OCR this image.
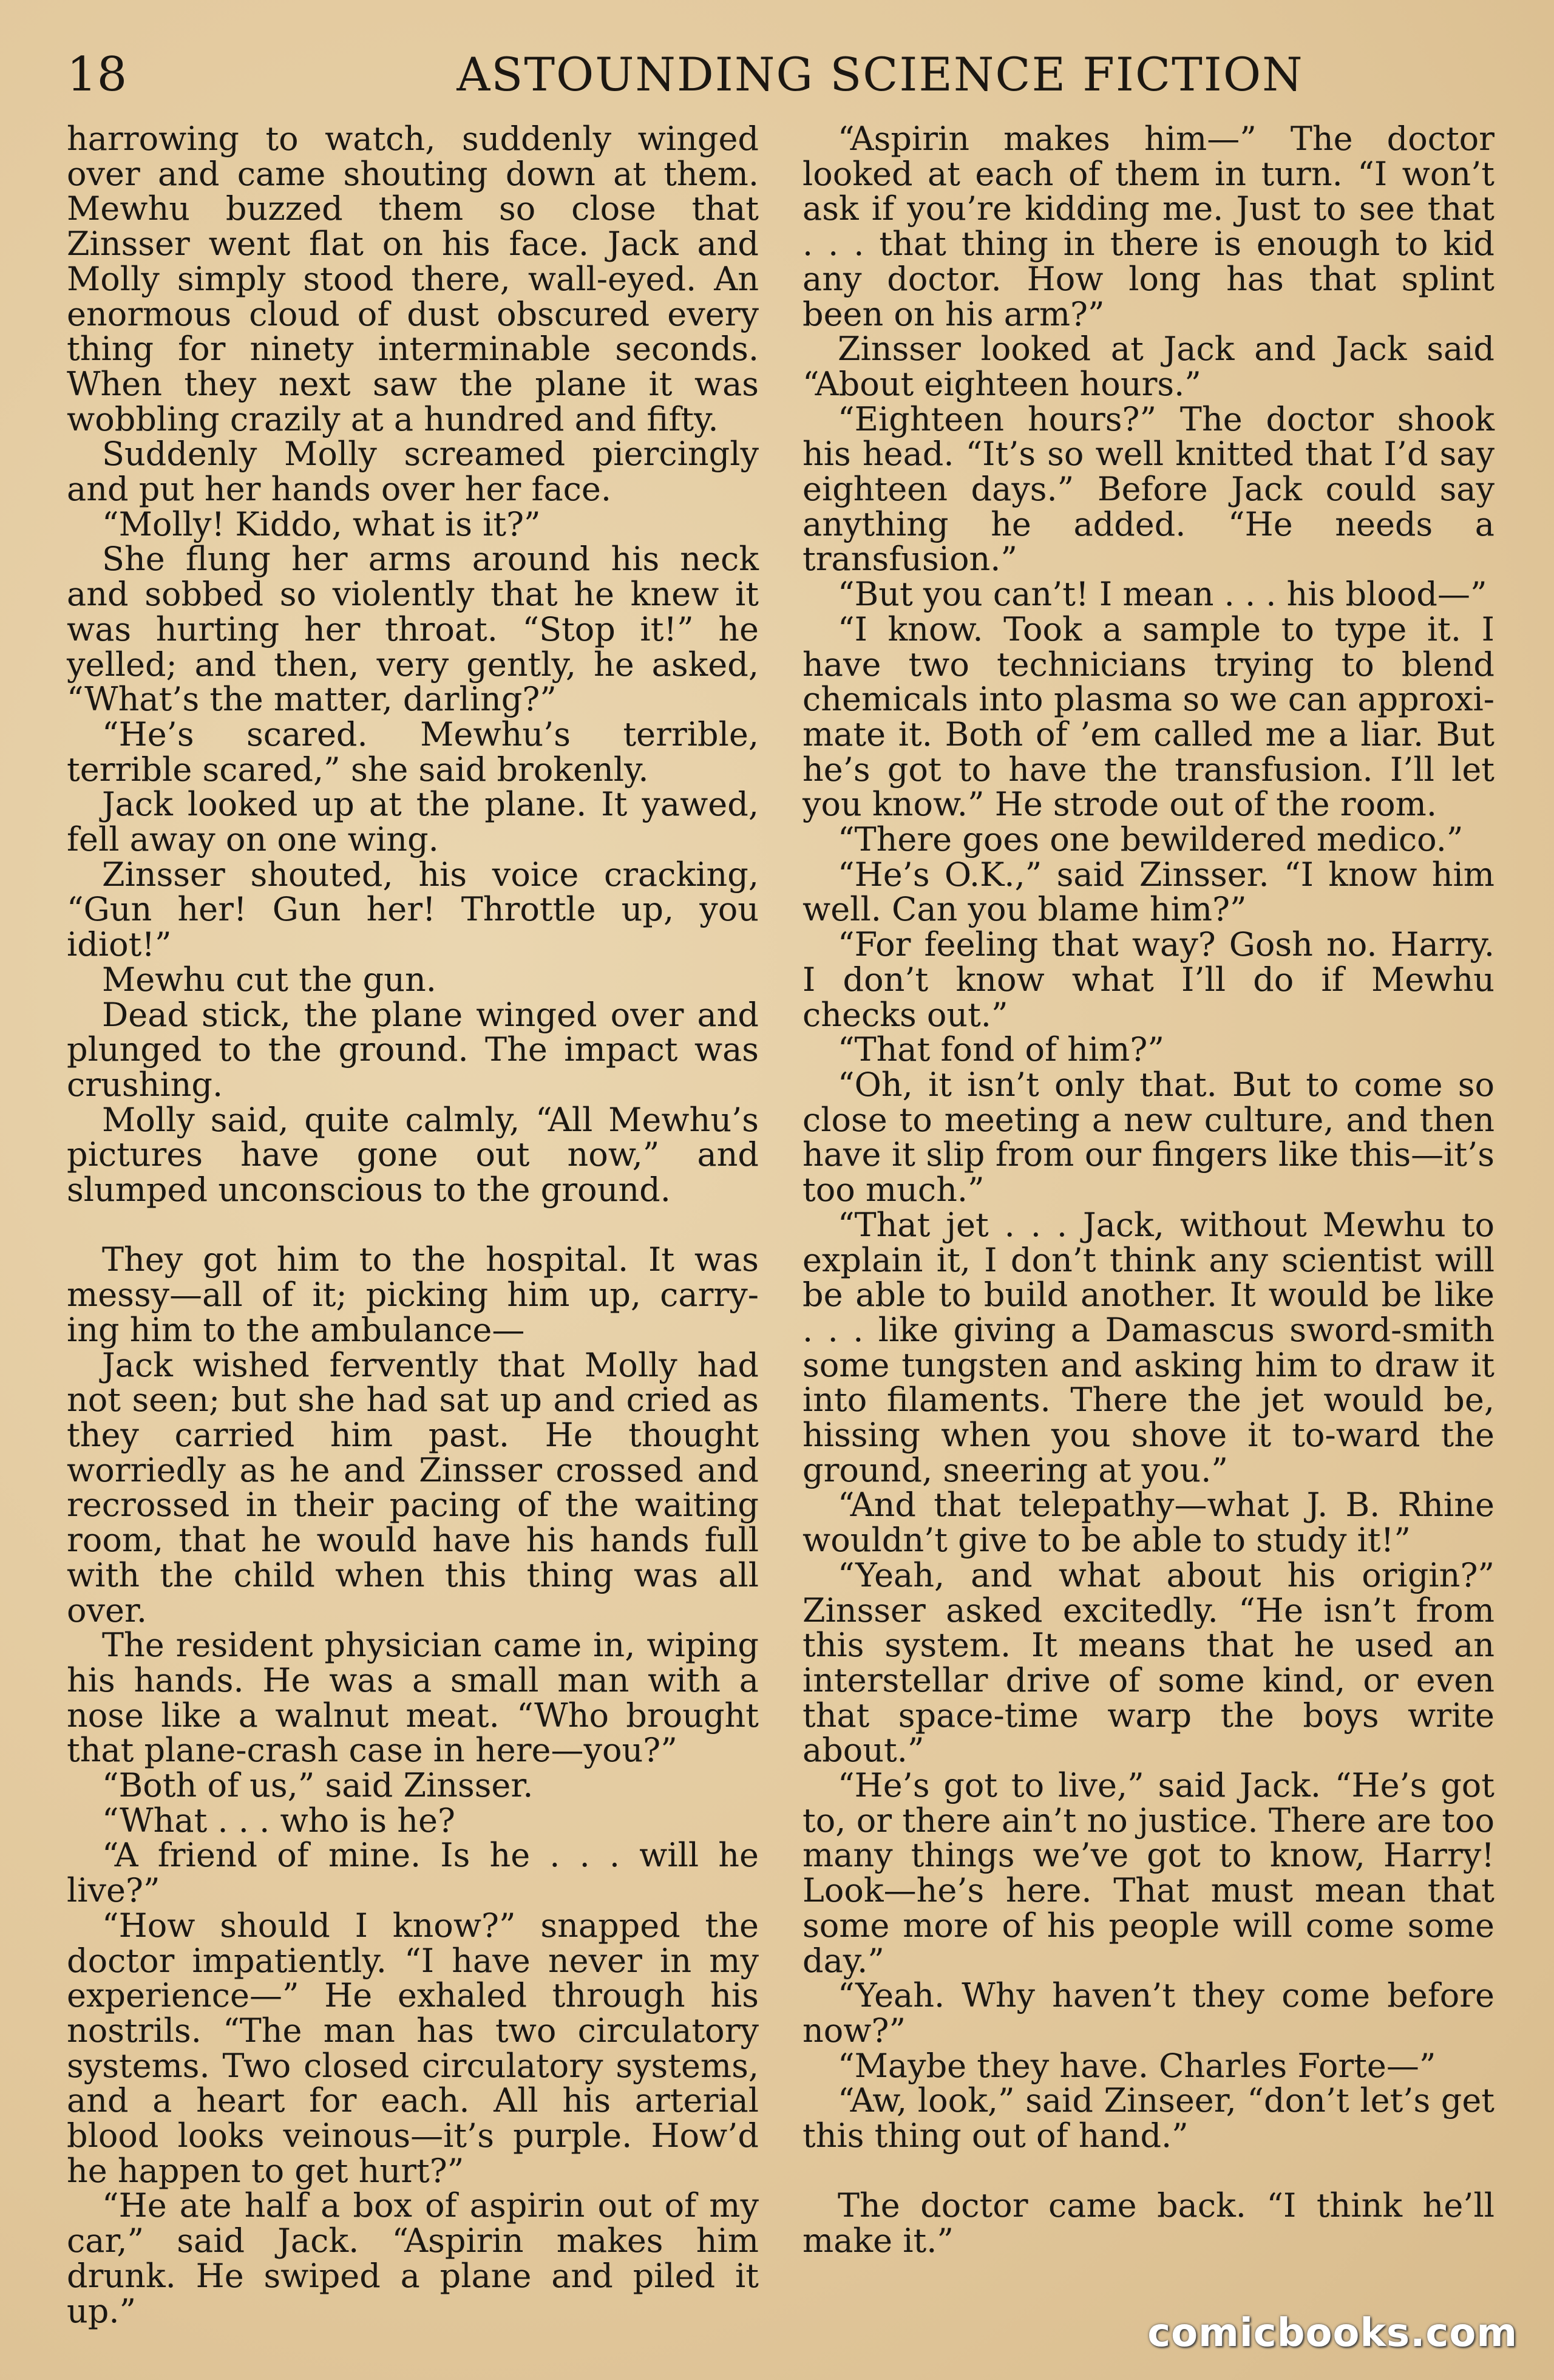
18	ASTOUNDING SCIENCE FICTION

harrowing to watch, suddenly winged over and came shouting down at them. Mewhu buzzed them so close that Zinsser went flat on his face. Jack and Molly simply stood there, wall-eyed. An enormous cloud of dust obscured every thing for ninety interminable seconds. When they next saw the plane it was wobbling crazily at a hundred and fifty.

Suddenly Molly screamed piercingly and put her hands over her face.

“Molly! Kiddo, what is it?”

She flung her arms around his neck and sobbed so violently that he knew it was hurting her throat. “Stop it!” he yelled; and then, very gently, he asked, “What’s the matter, darling?”

“He’s scared. Mewhu’s terrible, terrible scared,” she said brokenly.

Jack looked up at the plane. It yawed, fell away on one wing.

Zinsser shouted, his voice cracking, “Gun her! Gun her! Throttle up, you idiot!”

Mewhu cut the gun.

Dead stick, the plane winged over and plunged to the ground. The impact was crushing.

Molly said, quite calmly, “All Mewhu’s pictures have gone out now,” and slumped unconscious to the ground.

They got him to the hospital. It was messy—all of it; picking him up, carry-ing him to the ambulance—

Jack wished fervently that Molly had not seen; but she had sat up and cried as they carried him past. He thought worriedly as he and Zinsser crossed and recrossed in their pacing of the waiting room, that he would have his hands full with the child when this thing was all over.

The resident physician came in, wiping his hands. He was a small man with a nose like a walnut meat. “Who brought that plane-crash case in here—you?”

“Both of us,” said Zinsser.

“What . . . who is he?

“A friend of mine. Is he . . . will he live?”

“How should I know?” snapped the doctor impatiently. “I have never in my experience—” He exhaled through his nostrils. “The man has two circulatory systems. Two closed circulatory systems, and a heart for each. All his arterial blood looks veinous—it’s purple. How’d he happen to get hurt?”

“He ate half a box of aspirin out of my car,” said Jack. “Aspirin makes him drunk. He swiped a plane and piled it up.”

“Aspirin makes him—” The doctor looked at each of them in turn. “I won’t ask if you’re kidding me. Just to see that . . . that thing in there is enough to kid any doctor. How long has that splint been on his arm?”

Zinsser looked at Jack and Jack said “About eighteen hours.”

“Eighteen hours?” The doctor shook his head. “It’s so well knitted that I’d say eighteen days.” Before Jack could say anything he added. “He needs a transfusion.”

“But you can’t! I mean . . . his blood—”

“I know. Took a sample to type it. I have two technicians trying to blend chemicals into plasma so we can approxi-mate it. Both of ’em called me a liar. But he’s got to have the transfusion. I’ll let you know.” He strode out of the room.

“There goes one bewildered medico.”

“He’s O.K.,” said Zinsser. “I know him well. Can you blame him?”

“For feeling that way? Gosh no. Harry. I don’t know what I’ll do if Mewhu checks out.”

“That fond of him?”

“Oh, it isn’t only that. But to come so close to meeting a new culture, and then have it slip from our fingers like this—it’s too much.”

“That jet . . . Jack, without Mewhu to explain it, I don’t think any scientist will be able to build another. It would be like . . . like giving a Damascus sword-smith some tungsten and asking him to draw it into filaments. There the jet would be, hissing when you shove it to-ward the ground, sneering at you.”

“And that telepathy—what J. B. Rhine wouldn’t give to be able to study it!”

“Yeah, and what about his origin?” Zinsser asked excitedly. “He isn’t from this system. It means that he used an interstellar drive of some kind, or even that space-time warp the boys write about.”

“He’s got to live,” said Jack. “He’s got to, or there ain’t no justice. There are too many things we’ve got to know, Harry! Look—he’s here. That must mean that some more of his people will come some day.”

“Yeah. Why haven’t they come before now?”

“Maybe they have. Charles Forte—”

“Aw, look,” said Zinseer, “don’t let’s get this thing out of hand.”

The doctor came back. “I think he’ll make it.”

comicbooks.com
